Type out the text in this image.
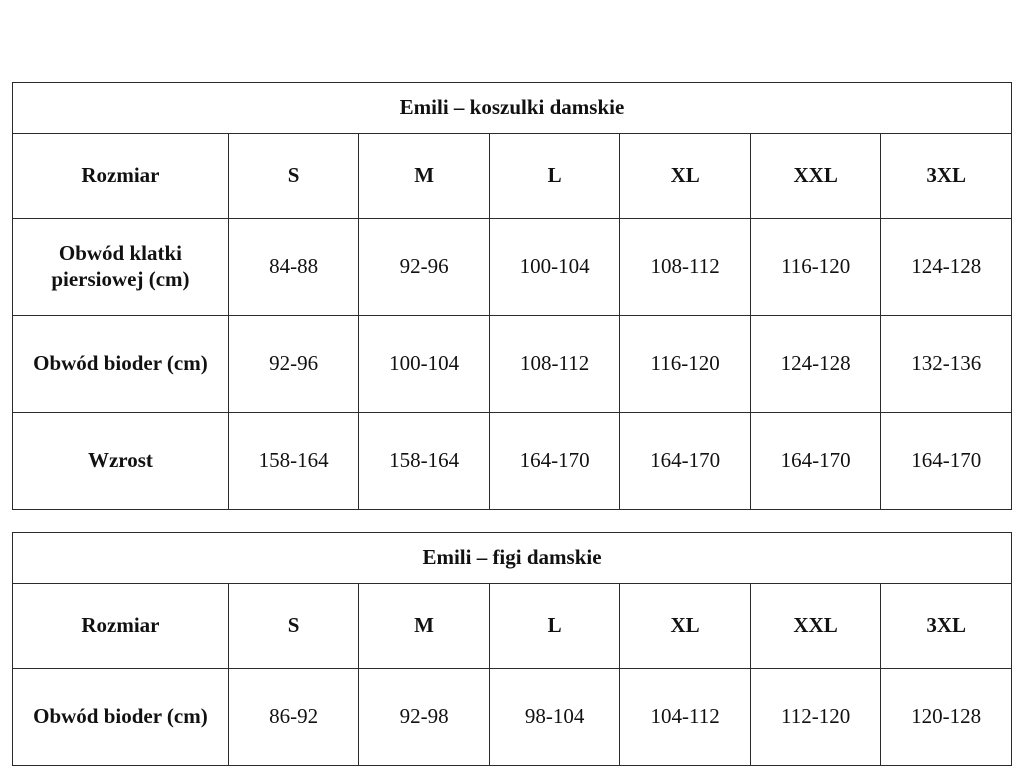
Emili – koszulki damskie						
Rozmiar	S	M	L	XL	XXL	3XL
Obwód klatki piersiowej (cm)	84-88	92-96	100-104	108-112	116-120	124-128
Obwód bioder (cm)	92-96	100-104	108-112	116-120	124-128	132-136
Wzrost	158-164	158-164	164-170	164-170	164-170	164-170
Emili – figi damskie						
Rozmiar	S	M	L	XL	XXL	3XL
Obwód bioder (cm)	86-92	92-98	98-104	104-112	112-120	120-128
